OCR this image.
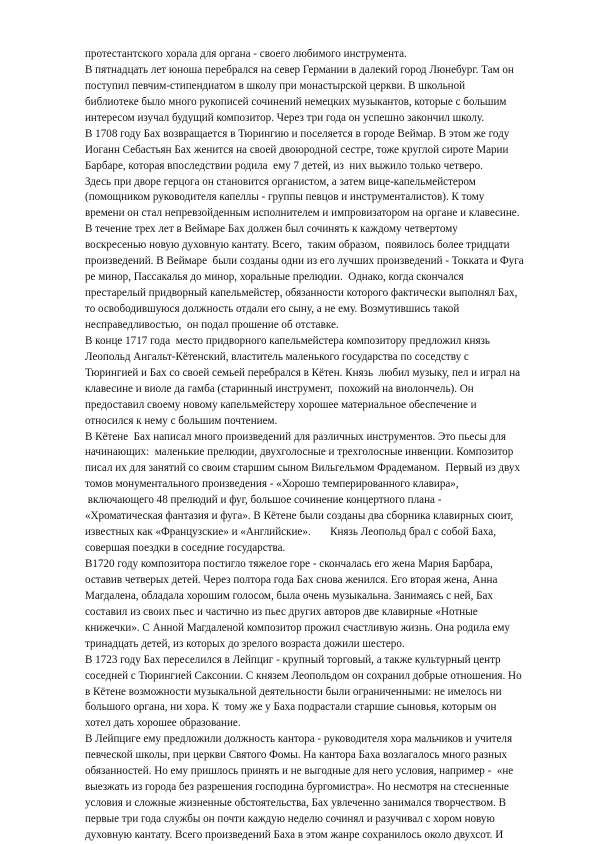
протестантского хорала для органа - своего любимого инструмента.
В пятнадцать лет юноша перебрался на север Германии в далекий город Люнебург. Там он
поступил певчим-стипендиатом в школу при монастырской церкви. В школьной
библиотеке было много рукописей сочинений немецких музыкантов, которые с большим
интересом изучал будущий композитор. Через три года он успешно закончил школу.
В 1708 году Бах возвращается в Тюрингию и поселяется в городе Веймар. В этом же году
Иоганн Себастьян Бах женится на своей двоюродной сестре, тоже круглой сироте Марии
Барбаре, которая впоследствии родила  ему 7 детей, из  них выжило только четверо.
Здесь при дворе герцога он становится органистом, а затем вице-капельмейстером
(помощником руководителя капеллы - группы певцов и инструменталистов). К тому
времени он стал непревзойденным исполнителем и импровизатором на органе и клавесине.
В течение трех лет в Веймаре Бах должен был сочинять к каждому четвертому
воскресенью новую духовную кантату. Всего,  таким образом,  появилось более тридцати
произведений. В Веймаре  были созданы одни из его лучших произведений - Токката и Фуга
ре минор, Пассакалья до минор, хоральные прелюдии.  Однако, когда скончался
престарелый придворный капельмейстер, обязанности которого фактически выполнял Бах,
то освободившуюся должность отдали его сыну, а не ему. Возмутившись такой
несправедливостью,  он подал прошение об отставке.
В конце 1717 года  место придворного капельмейстера композитору предложил князь
Леопольд Ангальт-Кётенский, властитель маленького государства по соседству с
Тюрингией и Бах со своей семьей перебрался в Кётен. Князь  любил музыку, пел и играл на
клавесине и виоле да гамба (старинный инструмент,  похожий на виолончель). Он
предоставил своему новому капельмейстеру хорошее материальное обеспечение и
относился к нему с большим почтением.
В Кётене  Бах написал много произведений для различных инструментов. Это пьесы для
начинающих:  маленькие прелюдии, двухголосные и трехголосные инвенции. Композитор
писал их для занятий со своим старшим сыном Вильгельмом Фрадеманом.  Первый из двух
томов монументального произведения - «Хорошо темперированного клавира»,
включающего 48 прелюдий и фуг, большое сочинение концертного плана -
«Хроматическая фантазия и фуга». В Кётене были созданы два сборника клавирных сюит,
известных как «Французские» и «Английские».       Князь Леопольд брал с собой Баха,
совершая поездки в соседние государства.
В1720 году композитора постигло тяжелое горе - скончалась его жена Мария Барбара,
оставив четверых детей. Через полтора года Бах снова женился. Его вторая жена, Анна
Магдалена, обладала хорошим голосом, была очень музыкальна. Занимаясь с ней, Бах
составил из своих пьес и частично из пьес других авторов две клавирные «Нотные
книжечки». С Анной Магдаленой композитор прожил счастливую жизнь. Она родила ему
тринадцать детей, из которых до зрелого возраста дожили шестеро.
В 1723 году Бах переселился в Лейпциг - крупный торговый, а также культурный центр
соседней с Тюрингией Саксонии. С князем Леопольдом он сохранил добрые отношения. Но
в Кётене возможности музыкальной деятельности были ограниченными: не имелось ни
большого органа, ни хора. К  тому же у Баха подрастали старшие сыновья, которым он
хотел дать хорошее образование.
В Лейпциге ему предложили должность кантора - руководителя хора мальчиков и учителя
певческой школы, при церкви Святого Фомы. На кантора Баха возлагалось много разных
обязанностей. Но ему пришлось принять и не выгодные для него условия, например -  «не
выезжать из города без разрешения господина бургомистра». Но несмотря на стесненные
условия и сложные жизненные обстоятельства, Бах увлеченно занимался творчеством. В
первые три года службы он почти каждую неделю сочинял и разучивал с хором новую
духовную кантату. Всего произведений Баха в этом жанре сохранилось около двухсот. И
